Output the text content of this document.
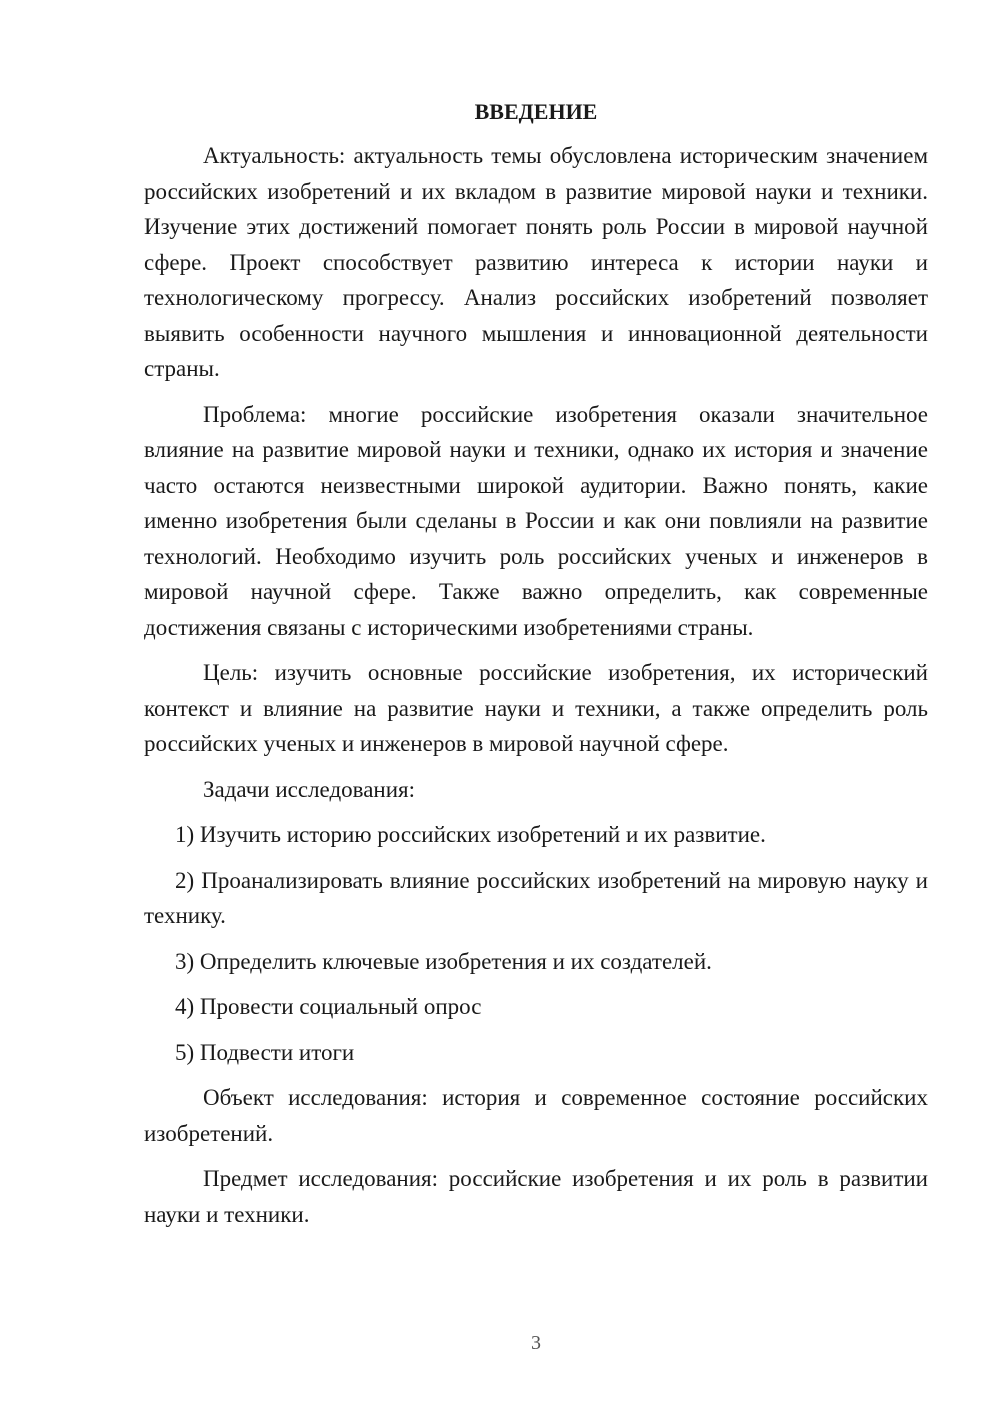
ВВЕДЕНИЕ

Актуальность: актуальность темы обусловлена историческим значением российских изобретений и их вкладом в развитие мировой науки и техники. Изучение этих достижений помогает понять роль России в мировой научной сфере. Проект способствует развитию интереса к истории науки и технологическому прогрессу. Анализ российских изобретений позволяет выявить особенности научного мышления и инновационной деятельности страны.

Проблема: многие российские изобретения оказали значительное влияние на развитие мировой науки и техники, однако их история и значение часто остаются неизвестными широкой аудитории. Важно понять, какие именно изобретения были сделаны в России и как они повлияли на развитие технологий. Необходимо изучить роль российских ученых и инженеров в мировой научной сфере. Также важно определить, как современные достижения связаны с историческими изобретениями страны.

Цель: изучить основные российские изобретения, их исторический контекст и влияние на развитие науки и техники, а также определить роль российских ученых и инженеров в мировой научной сфере.

Задачи исследования:

1) Изучить историю российских изобретений и их развитие.

2) Проанализировать влияние российских изобретений на мировую науку и технику.

3) Определить ключевые изобретения и их создателей.

4) Провести социальный опрос

5) Подвести итоги

Объект исследования: история и современное состояние российских изобретений.

Предмет исследования: российские изобретения и их роль в развитии науки и техники.

3
